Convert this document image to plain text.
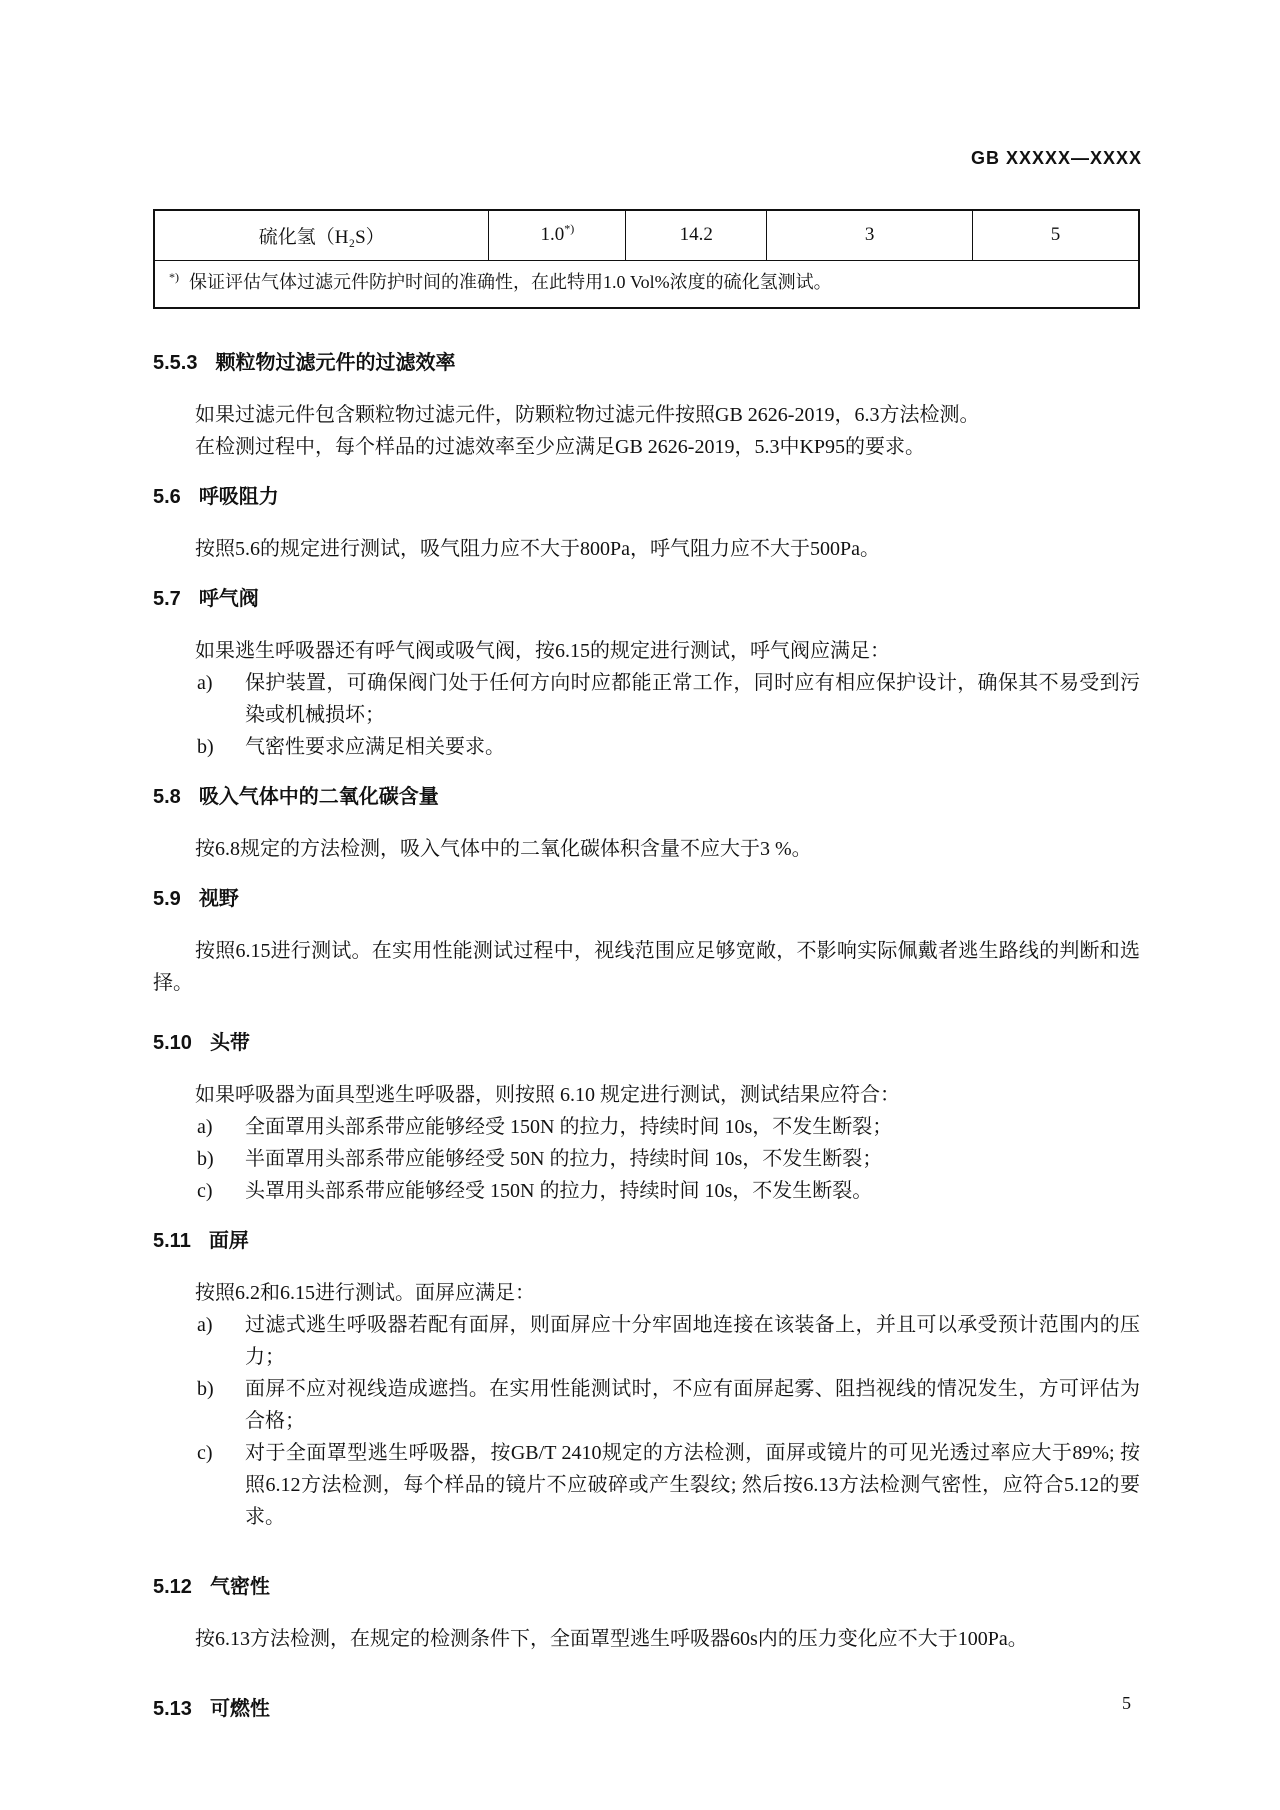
GB XXXXX—XXXX
硫化氢（H₂S）	1.0*)	14.2	3	5
*) 保证评估气体过滤元件防护时间的准确性，在此特用1.0 Vol%浓度的硫化氢测试。
5.5.3 颗粒物过滤元件的过滤效率

如果过滤元件包含颗粒物过滤元件，防颗粒物过滤元件按照GB 2626-2019，6.3方法检测。

在检测过程中，每个样品的过滤效率至少应满足GB 2626-2019，5.3中KP95的要求。

5.6 呼吸阻力

按照5.6的规定进行测试，吸气阻力应不大于800Pa，呼气阻力应不大于500Pa。

5.7 呼气阀

如果逃生呼吸器还有呼气阀或吸气阀，按6.15的规定进行测试，呼气阀应满足：

a) 保护装置，可确保阀门处于任何方向时应都能正常工作，同时应有相应保护设计，确保其不易受到污染或机械损坏；
b) 气密性要求应满足相关要求。
5.8 吸入气体中的二氧化碳含量

按6.8规定的方法检测，吸入气体中的二氧化碳体积含量不应大于3 %。

5.9 视野

按照6.15进行测试。在实用性能测试过程中，视线范围应足够宽敞，不影响实际佩戴者逃生路线的判断和选择。

5.10 头带

如果呼吸器为面具型逃生呼吸器，则按照 6.10 规定进行测试，测试结果应符合：

a) 全面罩用头部系带应能够经受 150N 的拉力，持续时间 10s，不发生断裂；
b) 半面罩用头部系带应能够经受 50N 的拉力，持续时间 10s，不发生断裂；
c) 头罩用头部系带应能够经受 150N 的拉力，持续时间 10s，不发生断裂。
5.11 面屏

按照6.2和6.15进行测试。面屏应满足：

a) 过滤式逃生呼吸器若配有面屏，则面屏应十分牢固地连接在该装备上，并且可以承受预计范围内的压力；
b) 面屏不应对视线造成遮挡。在实用性能测试时，不应有面屏起雾、阻挡视线的情况发生，方可评估为合格；
c) 对于全面罩型逃生呼吸器，按GB/T 2410规定的方法检测，面屏或镜片的可见光透过率应大于89%; 按照6.12方法检测，每个样品的镜片不应破碎或产生裂纹; 然后按6.13方法检测气密性，应符合5.12的要求。
5.12 气密性

按6.13方法检测，在规定的检测条件下，全面罩型逃生呼吸器60s内的压力变化应不大于100Pa。

5.13 可燃性	5
